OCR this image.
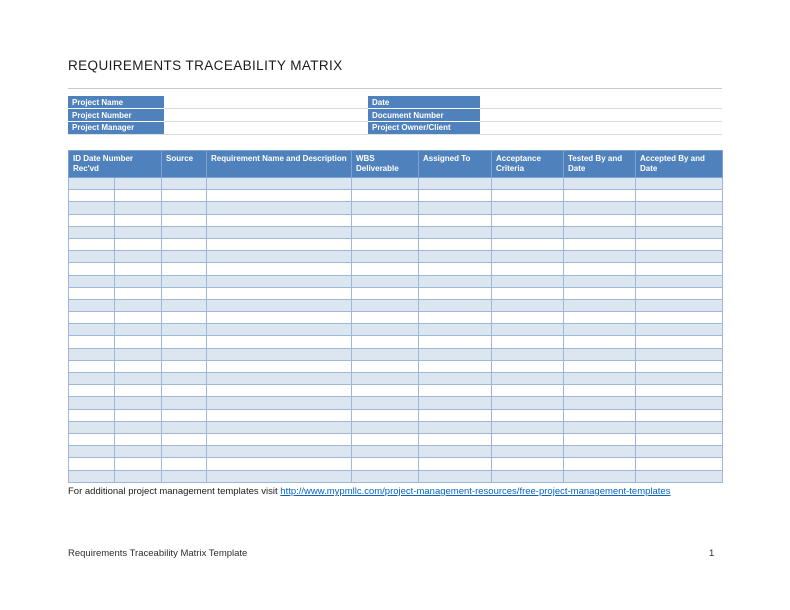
REQUIREMENTS TRACEABILITY MATRIX
Project Name		Date	
Project Number		Document Number	
Project Manager		Project Owner/Client	
ID Date Number Rec'vd		Source	Requirement Name and Description	WBS Deliverable	Assigned To	Acceptance Criteria	Tested By and Date	Accepted By and Date

For additional project management templates visit http://www.mypmllc.com/project-management-resources/free-project-management-templates
Requirements Traceability Matrix Template	1
